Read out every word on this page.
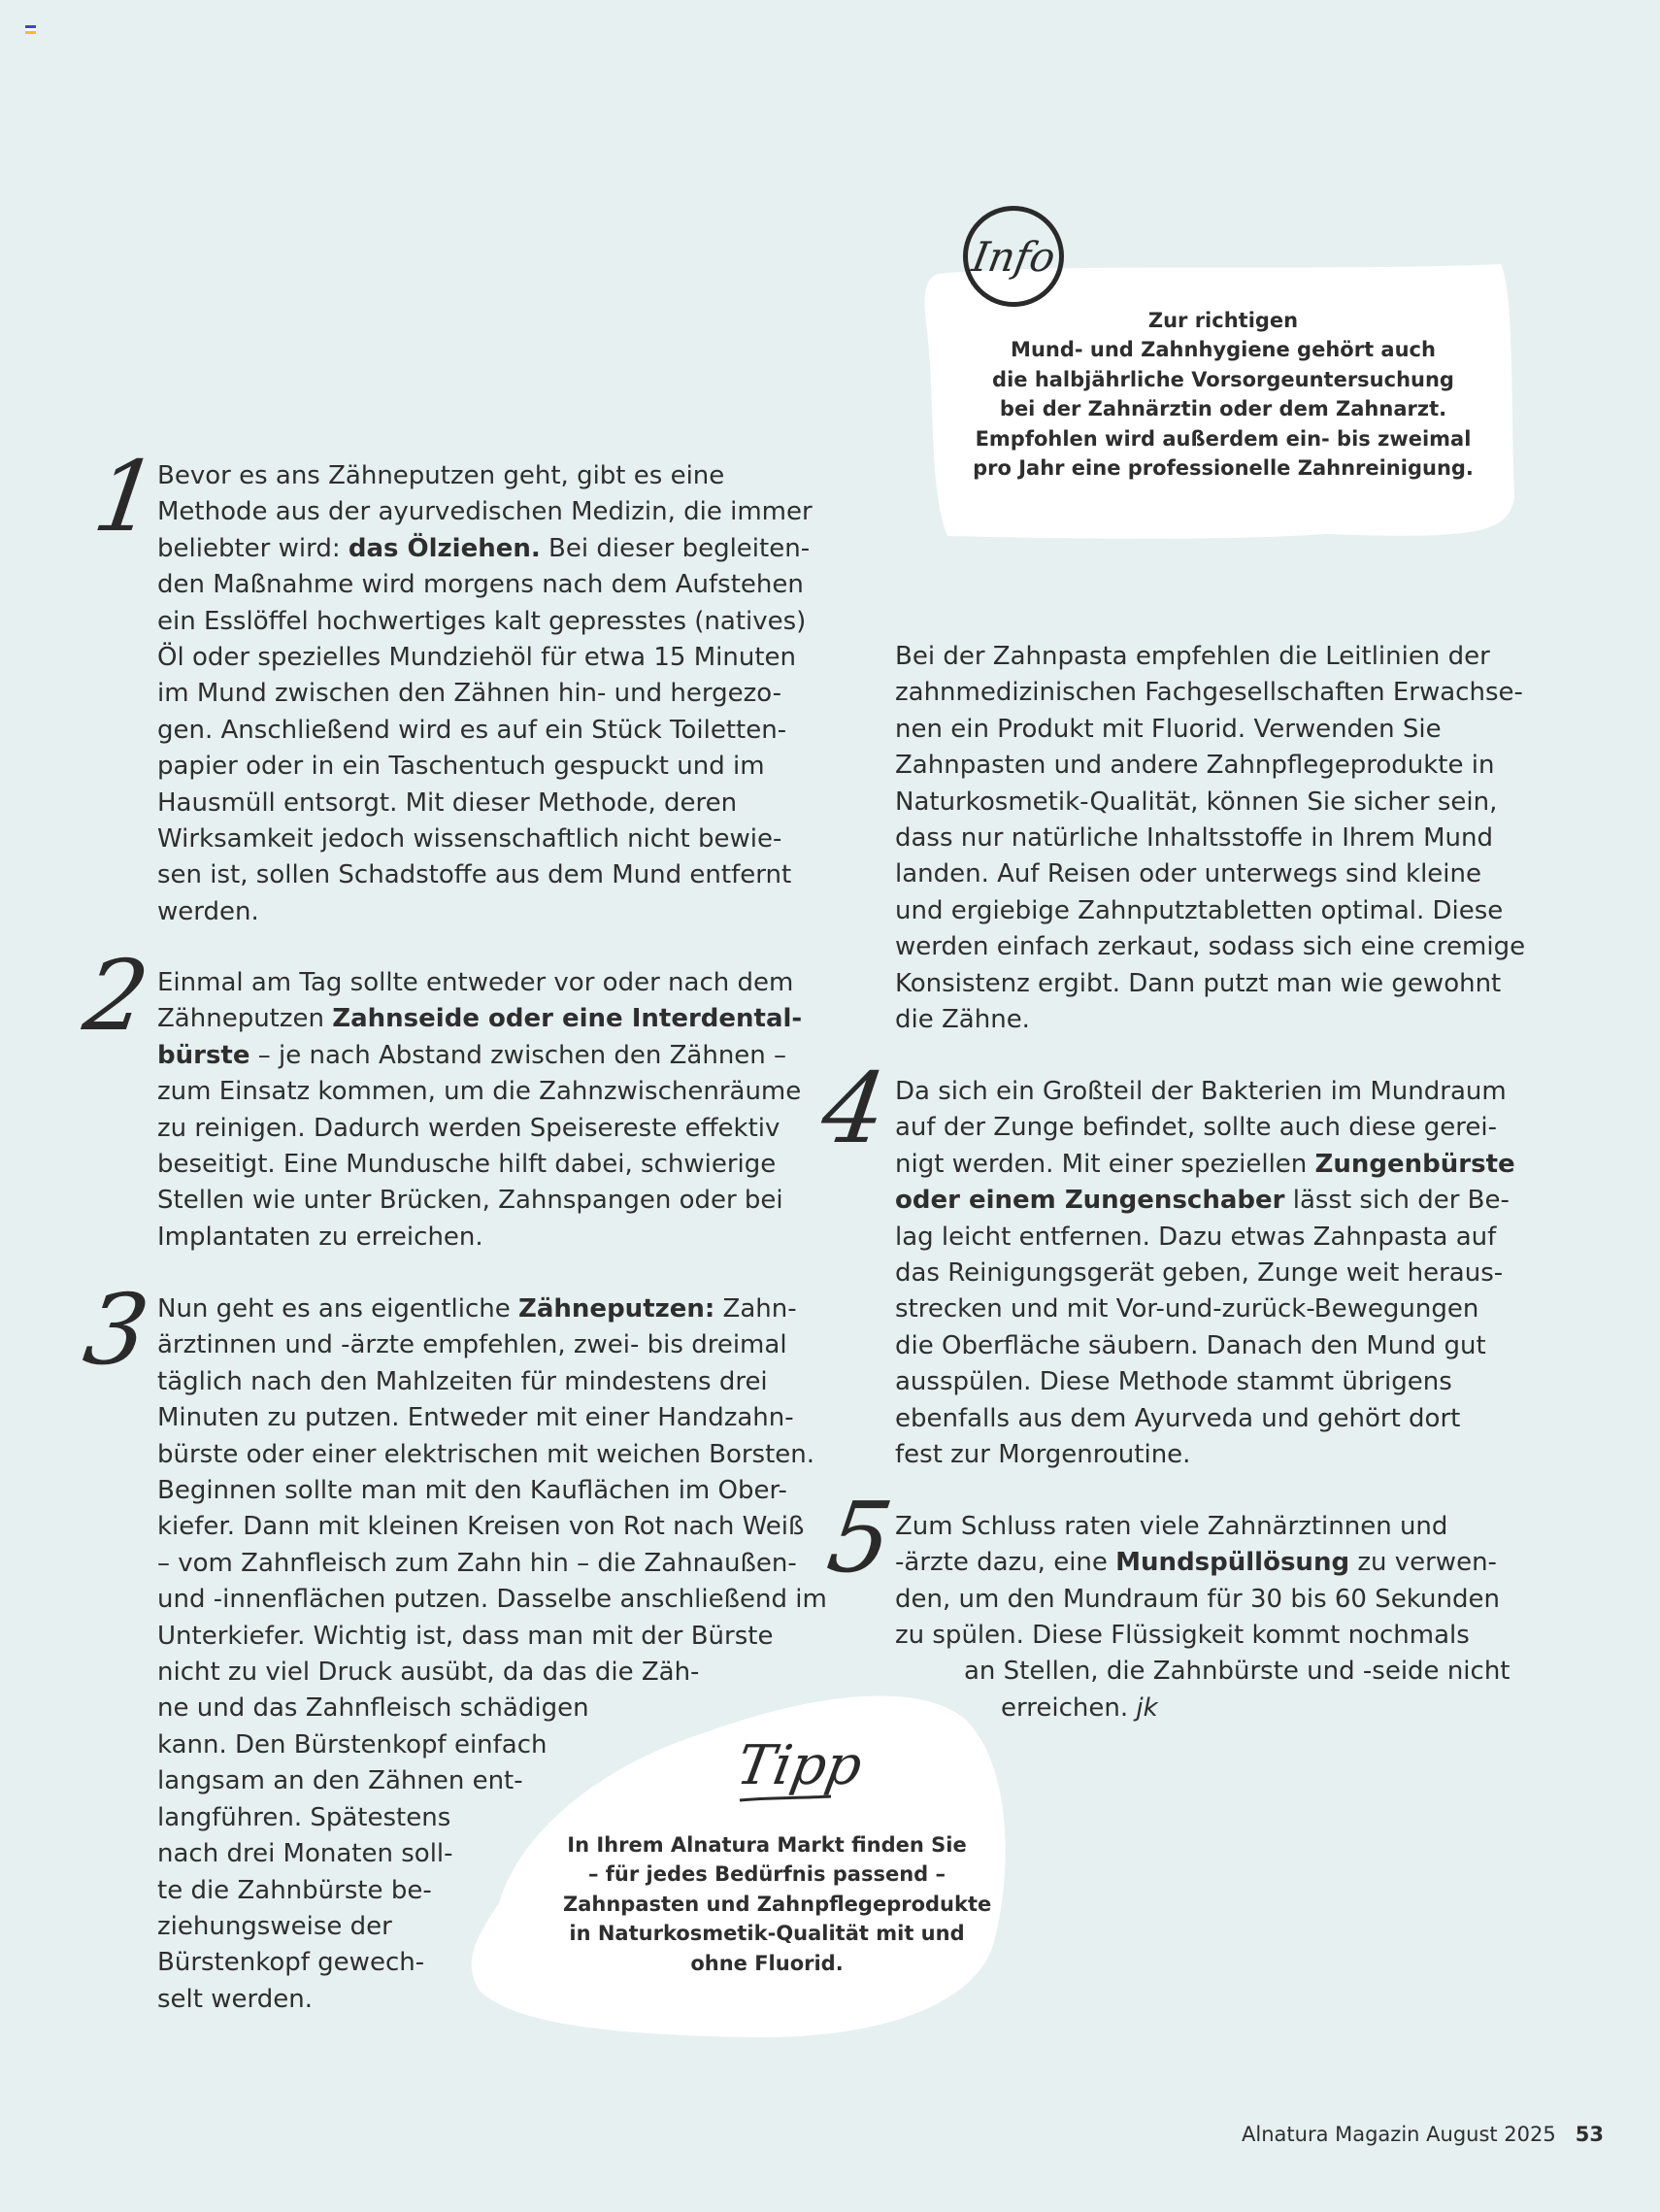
Info
Zur richtigen
Mund- und Zahnhygiene gehört auch
die halbjährliche Vorsorgeuntersuchung
bei der Zahnärztin oder dem Zahnarzt.
Empfohlen wird außerdem ein- bis zweimal
pro Jahr eine professionelle Zahnreinigung.
Tipp
In Ihrem Alnatura Markt finden Sie
– für jedes Bedürfnis passend –
Zahnpasten und Zahnpflegeprodukte
in Naturkosmetik-Qualität mit und
ohne Fluorid.
1
2
3
4
5
Bevor es ans Zähneputzen geht, gibt es eine
Methode aus der ayurvedischen Medizin, die immer
beliebter wird: das Ölziehen. Bei dieser begleiten-
den Maßnahme wird morgens nach dem Aufstehen
ein Esslöffel hochwertiges kalt gepresstes (natives)
Öl oder spezielles Mundziehöl für etwa 15 Minuten
im Mund zwischen den Zähnen hin- und hergezo-
gen. Anschließend wird es auf ein Stück Toiletten-
papier oder in ein Taschentuch gespuckt und im
Hausmüll entsorgt. Mit dieser Methode, deren
Wirksamkeit jedoch wissenschaftlich nicht bewie-
sen ist, sollen Schadstoffe aus dem Mund entfernt
werden.
Einmal am Tag sollte entweder vor oder nach dem
Zähneputzen Zahnseide oder eine Interdental-
bürste – je nach Abstand zwischen den Zähnen –
zum Einsatz kommen, um die Zahnzwischenräume
zu reinigen. Dadurch werden Speisereste effektiv
beseitigt. Eine Mundusche hilft dabei, schwierige
Stellen wie unter Brücken, Zahnspangen oder bei
Implantaten zu erreichen.
Nun geht es ans eigentliche Zähneputzen: Zahn-
ärztinnen und -ärzte empfehlen, zwei- bis dreimal
täglich nach den Mahlzeiten für mindestens drei
Minuten zu putzen. Entweder mit einer Handzahn-
bürste oder einer elektrischen mit weichen Borsten.
Beginnen sollte man mit den Kauflächen im Ober-
kiefer. Dann mit kleinen Kreisen von Rot nach Weiß
– vom Zahnfleisch zum Zahn hin – die Zahnaußen-
und -innenflächen putzen. Dasselbe anschließend im
Unterkiefer. Wichtig ist, dass man mit der Bürste
nicht zu viel Druck ausübt, da das die Zäh-
ne und das Zahnfleisch schädigen
kann. Den Bürstenkopf einfach
langsam an den Zähnen ent-
langführen. Spätestens
nach drei Monaten soll-
te die Zahnbürste be-
ziehungsweise der
Bürstenkopf gewech-
selt werden.
Bei der Zahnpasta empfehlen die Leitlinien der
zahnmedizinischen Fachgesellschaften Erwachse-
nen ein Produkt mit Fluorid. Verwenden Sie
Zahnpasten und andere Zahnpflegeprodukte in
Naturkosmetik-Qualität, können Sie sicher sein,
dass nur natürliche Inhaltsstoffe in Ihrem Mund
landen. Auf Reisen oder unterwegs sind kleine
und ergiebige Zahnputztabletten optimal. Diese
werden einfach zerkaut, sodass sich eine cremige
Konsistenz ergibt. Dann putzt man wie gewohnt
die Zähne.
Da sich ein Großteil der Bakterien im Mundraum
auf der Zunge befindet, sollte auch diese gerei-
nigt werden. Mit einer speziellen Zungenbürste
oder einem Zungenschaber lässt sich der Be-
lag leicht entfernen. Dazu etwas Zahnpasta auf
das Reinigungsgerät geben, Zunge weit heraus-
strecken und mit Vor-und-zurück-Bewegungen
die Oberfläche säubern. Danach den Mund gut
ausspülen. Diese Methode stammt übrigens
ebenfalls aus dem Ayurveda und gehört dort
fest zur Morgenroutine.
Zum Schluss raten viele Zahnärztinnen und
-ärzte dazu, eine Mundspüllösung zu verwen-
den, um den Mundraum für 30 bis 60 Sekunden
zu spülen. Diese Flüssigkeit kommt nochmals
an Stellen, die Zahnbürste und -seide nicht
erreichen. jk
Alnatura Magazin August 2025 53
